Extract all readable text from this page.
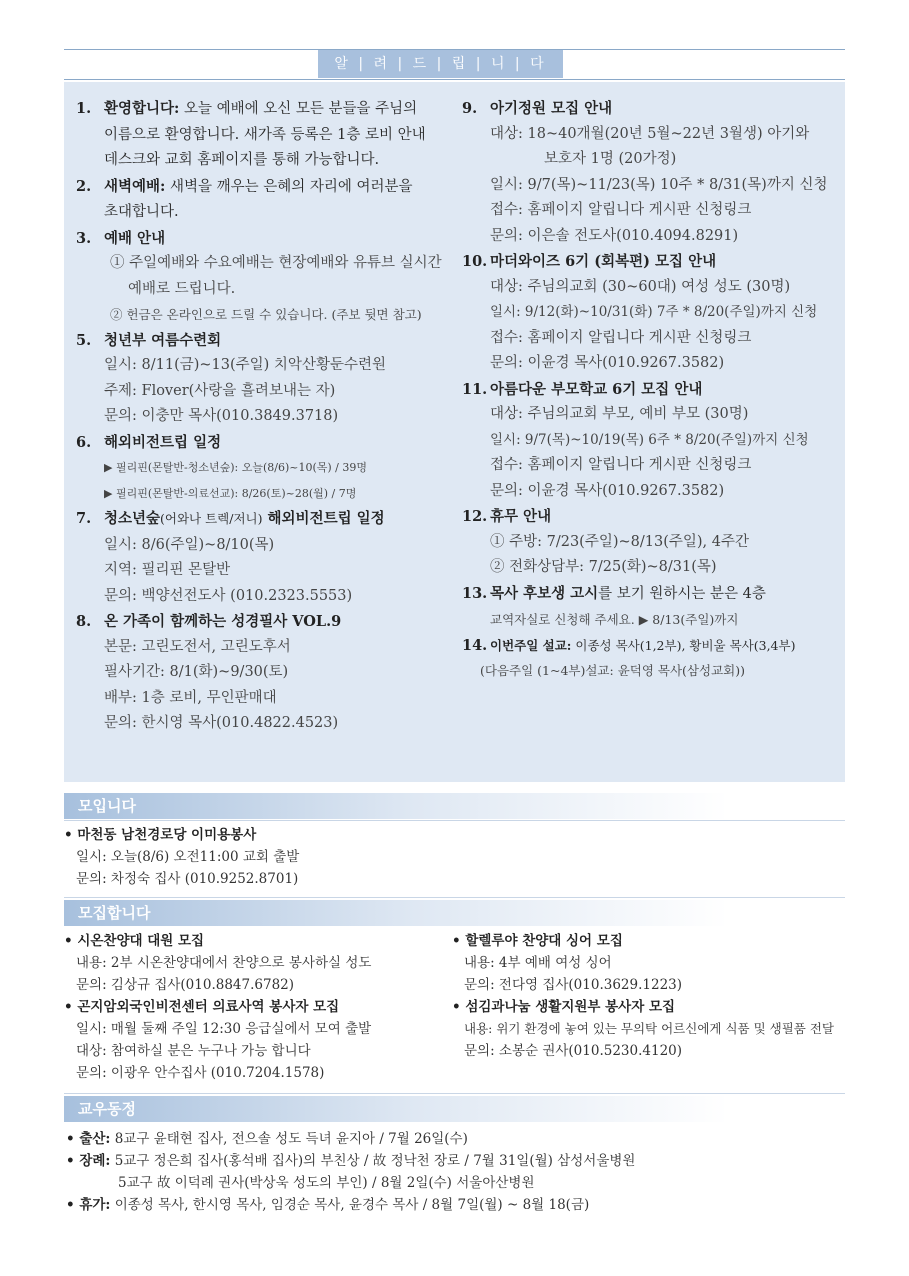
알 | 려 | 드 | 립 | 니 | 다
1. 환영합니다: 오늘 예배에 오신 모든 분들을 주님의
이름으로 환영합니다. 새가족 등록은 1층 로비 안내
데스크와 교회 홈페이지를 통해 가능합니다.
2. 새벽예배: 새벽을 깨우는 은혜의 자리에 여러분을
초대합니다.
3. 예배 안내
① 주일예배와 수요예배는 현장예배와 유튜브 실시간
예배로 드립니다.
② 헌금은 온라인으로 드릴 수 있습니다. (주보 뒷면 참고)
5. 청년부 여름수련회
일시: 8/11(금)~13(주일) 치악산황둔수련원
주제: Flover(사랑을 흘려보내는 자)
문의: 이충만 목사(010.3849.3718)
6. 해외비전트립 일정
▶ 필리핀(몬탈반-청소년숲): 오늘(8/6)~10(목) / 39명
▶ 필리핀(몬탈반-의료선교): 8/26(토)~28(월) / 7명
7. 청소년숲(어와나 트렉/저니) 해외비전트립 일정
일시: 8/6(주일)~8/10(목)
지역: 필리핀 몬탈반
문의: 백양선전도사 (010.2323.5553)
8. 온 가족이 함께하는 성경필사 VOL.9
본문: 고린도전서, 고린도후서
필사기간: 8/1(화)~9/30(토)
배부: 1층 로비, 무인판매대
문의: 한시영 목사(010.4822.4523)
9. 아기정원 모집 안내
대상: 18~40개월(20년 5월~22년 3월생) 아기와
보호자 1명 (20가정)
일시: 9/7(목)~11/23(목) 10주 * 8/31(목)까지 신청
접수: 홈페이지 알립니다 게시판 신청링크
문의: 이은솔 전도사(010.4094.8291)
10. 마더와이즈 6기 (회복편) 모집 안내
대상: 주님의교회 (30~60대) 여성 성도 (30명)
일시: 9/12(화)~10/31(화) 7주 * 8/20(주일)까지 신청
접수: 홈페이지 알립니다 게시판 신청링크
문의: 이윤경 목사(010.9267.3582)
11. 아름다운 부모학교 6기 모집 안내
대상: 주님의교회 부모, 예비 부모 (30명)
일시: 9/7(목)~10/19(목) 6주 * 8/20(주일)까지 신청
접수: 홈페이지 알립니다 게시판 신청링크
문의: 이윤경 목사(010.9267.3582)
12. 휴무 안내
① 주방: 7/23(주일)~8/13(주일), 4주간
② 전화상담부: 7/25(화)~8/31(목)
13. 목사 후보생 고시를 보기 원하시는 분은 4층
교역자실로 신청해 주세요. ▶ 8/13(주일)까지
14. 이번주일 설교: 이종성 목사(1,2부), 황비울 목사(3,4부)
(다음주일 (1~4부)설교: 윤덕영 목사(삼성교회))
모입니다
• 마천동 남천경로당 이미용봉사
일시: 오늘(8/6) 오전11:00 교회 출발
문의: 차정숙 집사 (010.9252.8701)
모집합니다
• 시온찬양대 대원 모집
내용: 2부 시온찬양대에서 찬양으로 봉사하실 성도
문의: 김상규 집사(010.8847.6782)
• 곤지암외국인비전센터 의료사역 봉사자 모집
일시: 매월 둘째 주일 12:30 응급실에서 모여 출발
대상: 참여하실 분은 누구나 가능 합니다
문의: 이광우 안수집사 (010.7204.1578)
• 할렐루야 찬양대 싱어 모집
내용: 4부 예배 여성 싱어
문의: 전다영 집사(010.3629.1223)
• 섬김과나눔 생활지원부 봉사자 모집
내용: 위기 환경에 놓여 있는 무의탁 어르신에게 식품 및 생필품 전달
문의: 소봉순 권사(010.5230.4120)
교우동정
• 출산: 8교구 윤태현 집사, 전으솔 성도 득녀 윤지아 / 7월 26일(수)
• 장례: 5교구 정은희 집사(홍석배 집사)의 부친상 / 故 정낙천 장로 / 7월 31일(월) 삼성서울병원
5교구 故 이덕례 권사(박상욱 성도의 부인) / 8월 2일(수) 서울아산병원
• 휴가: 이종성 목사, 한시영 목사, 임경순 목사, 윤경수 목사 / 8월 7일(월) ~ 8월 18(금)
